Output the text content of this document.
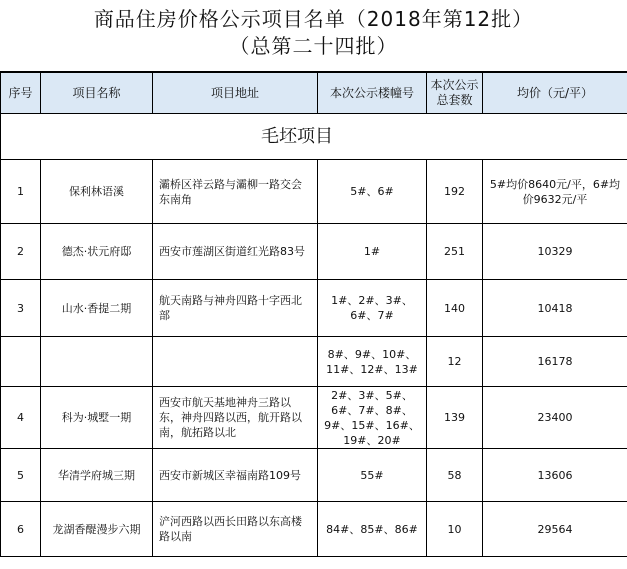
商品住房价格公示项目名单（2018年第12批）
（总第二十四批）
序号	项目名称	项目地址	本次公示楼幢号	本次公示总套数	均价（元/平）
毛坯项目					
1	保利林语溪	灞桥区祥云路与灞柳一路交会东南角	5#、6#	192	5#均价8640元/平，6#均价9632元/平
2	德杰·状元府邸	西安市莲湖区街道红光路83号	1#	251	10329
3	山水·香提二期	航天南路与神舟四路十字西北部	1#、2#、3#、6#、7#	140	10418
			8#、9#、10#、11#、12#、13#	12	16178
4	科为·城墅一期	西安市航天基地神舟三路以东，神舟四路以西，航开路以南，航拓路以北	2#、3#、5#、6#、7#、8#、9#、15#、16#、19#、20#	139	23400
5	华清学府城三期	西安市新城区幸福南路109号	55#	58	13606
6	龙湖香醍漫步六期	浐河西路以西长田路以东高楼路以南	84#、85#、86#	10	29564
